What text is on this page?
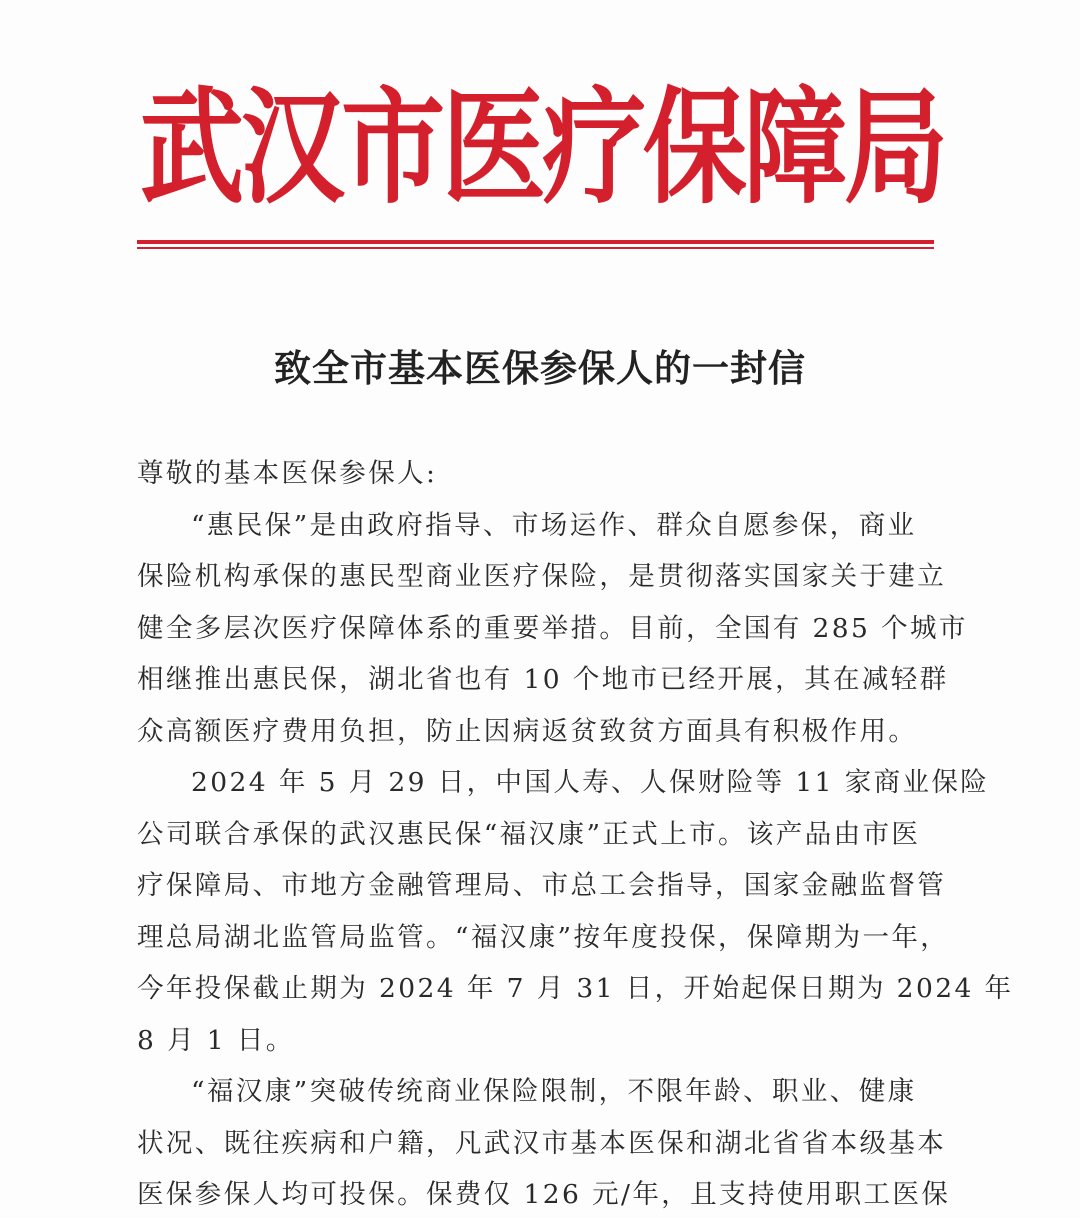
武
汉
市
医
疗
保
障
局
致全市基本医保参保人的一封信
尊敬的基本医保参保人:
“惠民保”是由政府指导、市场运作、群众自愿参保，商业
保险机构承保的惠民型商业医疗保险，是贯彻落实国家关于建立
健全多层次医疗保障体系的重要举措。目前，全国有 285 个城市
相继推出惠民保，湖北省也有 10 个地市已经开展，其在减轻群
众高额医疗费用负担，防止因病返贫致贫方面具有积极作用。
2024 年 5 月 29 日，中国人寿、人保财险等 11 家商业保险
公司联合承保的武汉惠民保“福汉康”正式上市。该产品由市医
疗保障局、市地方金融管理局、市总工会指导，国家金融监督管
理总局湖北监管局监管。“福汉康”按年度投保，保障期为一年，
今年投保截止期为 2024 年 7 月 31 日，开始起保日期为 2024 年
8 月 1 日。
“福汉康”突破传统商业保险限制，不限年龄、职业、健康
状况、既往疾病和户籍，凡武汉市基本医保和湖北省省本级基本
医保参保人均可投保。保费仅 126 元/年，且支持使用职工医保
